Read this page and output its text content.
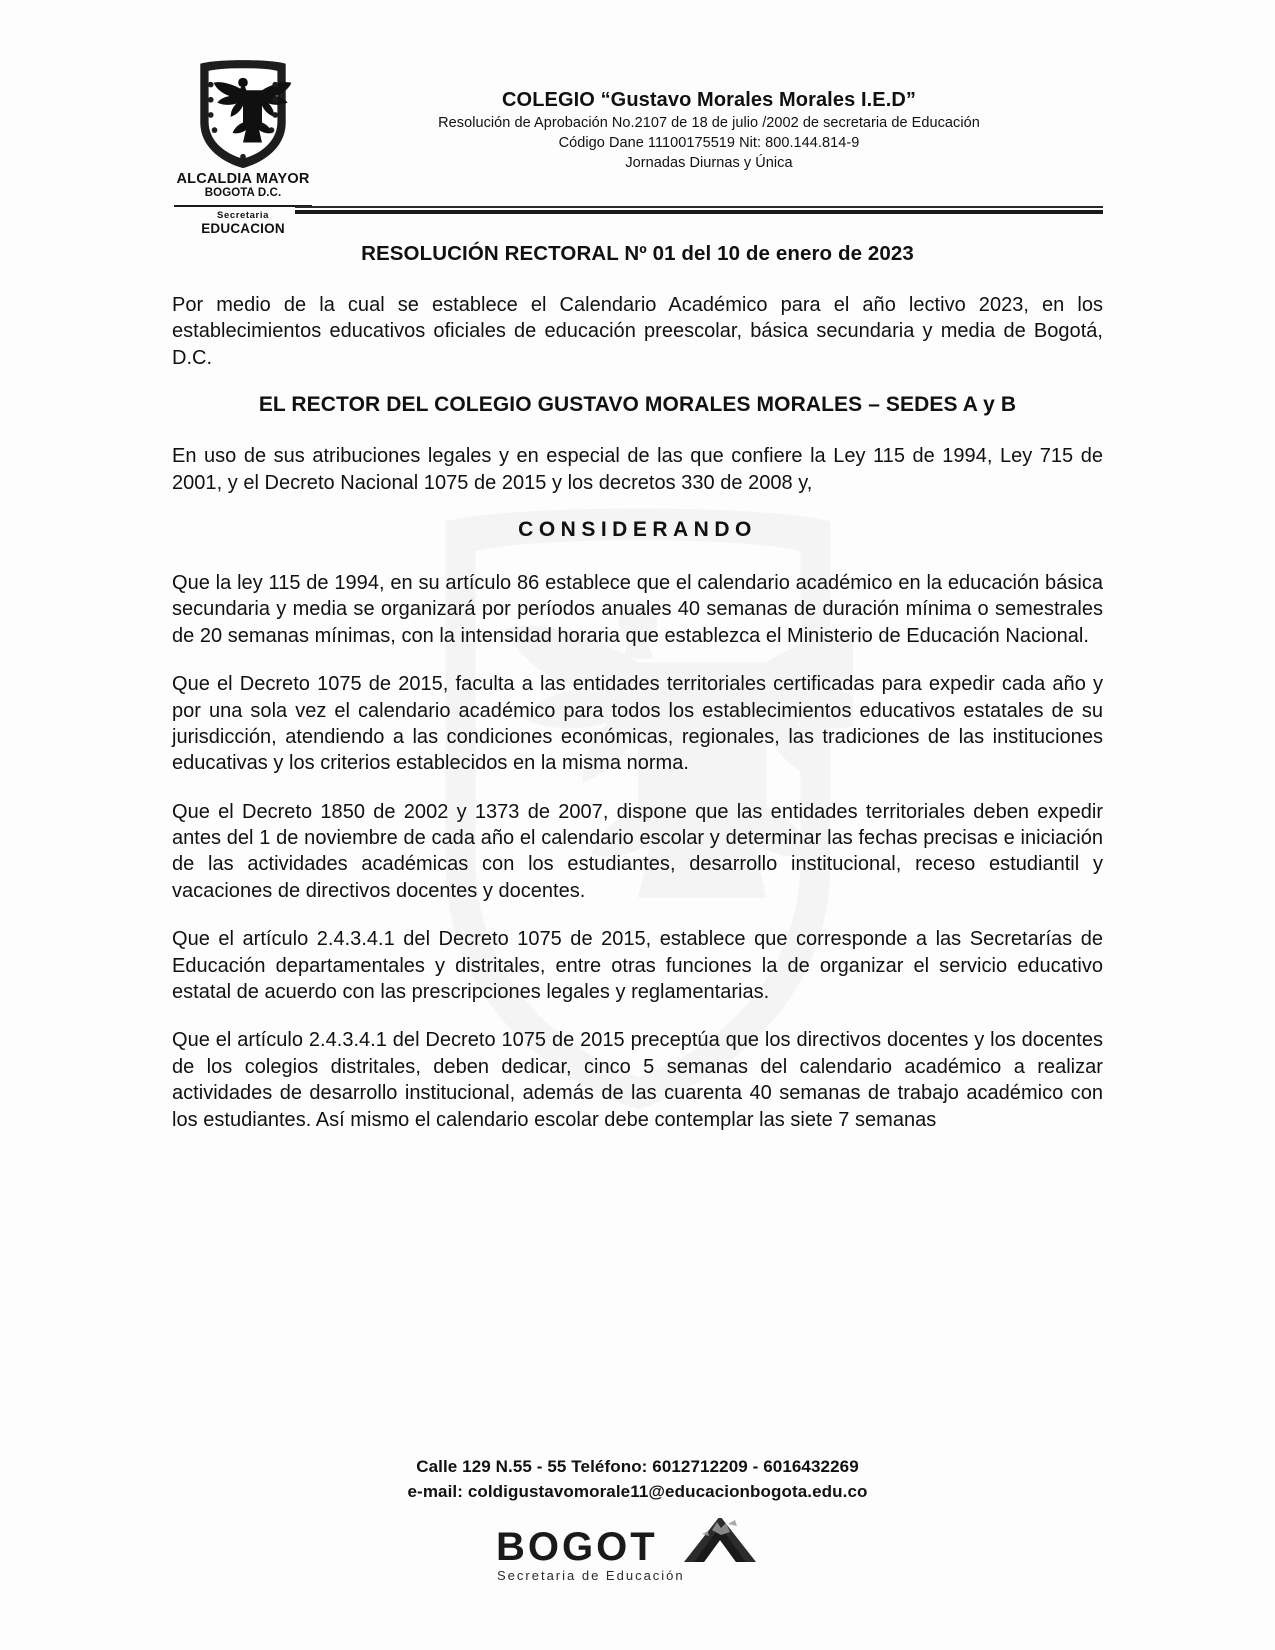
ALCALDIA MAYOR
BOGOTA D.C.
Secretaria
EDUCACION
COLEGIO “Gustavo Morales Morales I.E.D”
Resolución de Aprobación No.2107 de 18 de julio /2002 de secretaria de Educación
Código Dane 11100175519 Nit: 800.144.814-9
Jornadas Diurnas y Única
RESOLUCIÓN RECTORAL Nº 01 del 10 de enero de 2023

Por medio de la cual se establece el Calendario Académico para el año lectivo 2023, en los establecimientos educativos oficiales de educación preescolar, básica secundaria y media de Bogotá, D.C.

EL RECTOR DEL COLEGIO GUSTAVO MORALES MORALES – SEDES A y B

En uso de sus atribuciones legales y en especial de las que confiere la Ley 115 de 1994, Ley 715 de 2001, y el Decreto Nacional 1075 de 2015 y los decretos 330 de 2008 y,

CONSIDERANDO

Que la ley 115 de 1994, en su artículo 86 establece que el calendario académico en la educación básica secundaria y media se organizará por períodos anuales 40 semanas de duración mínima o semestrales de 20 semanas mínimas, con la intensidad horaria que establezca el Ministerio de Educación Nacional.

Que el Decreto 1075 de 2015, faculta a las entidades territoriales certificadas para expedir cada año y por una sola vez el calendario académico para todos los establecimientos educativos estatales de su jurisdicción, atendiendo a las condiciones económicas, regionales, las tradiciones de las instituciones educativas y los criterios establecidos en la misma norma.

Que el Decreto 1850 de 2002 y 1373 de 2007, dispone que las entidades territoriales deben expedir antes del 1 de noviembre de cada año el calendario escolar y determinar las fechas precisas e iniciación de las actividades académicas con los estudiantes, desarrollo institucional, receso estudiantil y vacaciones de directivos docentes y docentes.

Que el artículo 2.4.3.4.1 del Decreto 1075 de 2015, establece que corresponde a las Secretarías de Educación departamentales y distritales, entre otras funciones la de organizar el servicio educativo estatal de acuerdo con las prescripciones legales y reglamentarias.

Que el artículo 2.4.3.4.1 del Decreto 1075 de 2015 preceptúa que los directivos docentes y los docentes de los colegios distritales, deben dedicar, cinco 5 semanas del calendario académico a realizar actividades de desarrollo institucional, además de las cuarenta 40 semanas de trabajo académico con los estudiantes. Así mismo el calendario escolar debe contemplar las siete 7 semanas

Calle 129 N.55 - 55 Teléfono: 6012712209 - 6016432269
e-mail: coldigustavomorale11@educacionbogota.edu.co
BOGOT
Secretaria de Educación
